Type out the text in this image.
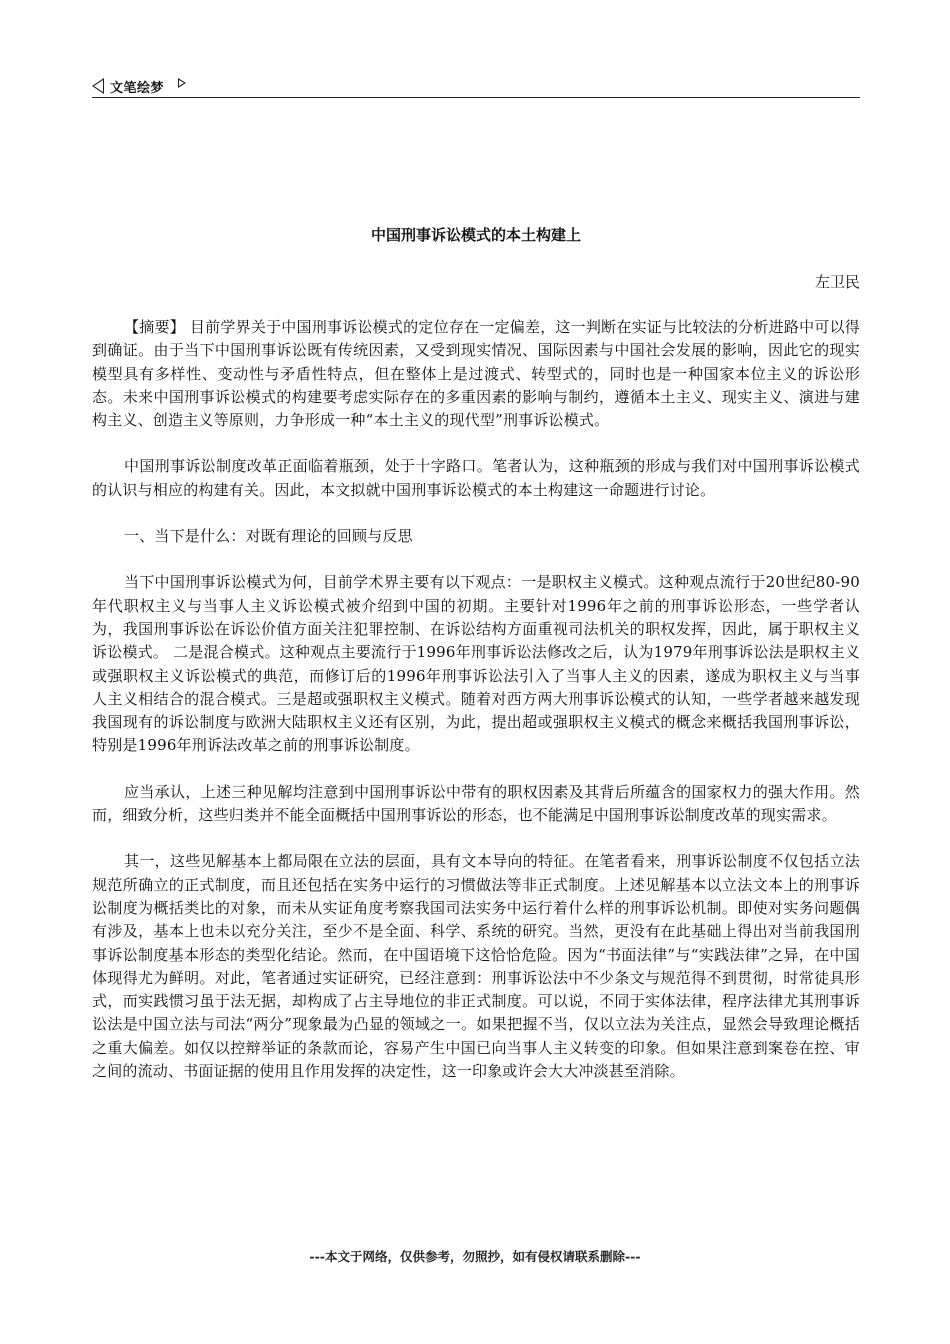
文笔绘梦
中国刑事诉讼模式的本土构建上
左卫民

【摘要】 目前学界关于中国刑事诉讼模式的定位存在一定偏差，这一判断在实证与比较法的分析进路中可以得到确证。由于当下中国刑事诉讼既有传统因素，又受到现实情况、国际因素与中国社会发展的影响，因此它的现实模型具有多样性、变动性与矛盾性特点，但在整体上是过渡式、转型式的，同时也是一种国家本位主义的诉讼形态。未来中国刑事诉讼模式的构建要考虑实际存在的多重因素的影响与制约，遵循本土主义、现实主义、演进与建构主义、创造主义等原则，力争形成一种“本土主义的现代型”刑事诉讼模式。

中国刑事诉讼制度改革正面临着瓶颈，处于十字路口。笔者认为，这种瓶颈的形成与我们对中国刑事诉讼模式的认识与相应的构建有关。因此，本文拟就中国刑事诉讼模式的本土构建这一命题进行讨论。

一、当下是什么：对既有理论的回顾与反思

当下中国刑事诉讼模式为何，目前学术界主要有以下观点：一是职权主义模式。这种观点流行于20世纪80-90年代职权主义与当事人主义诉讼模式被介绍到中国的初期。主要针对1996年之前的刑事诉讼形态，一些学者认为，我国刑事诉讼在诉讼价值方面关注犯罪控制、在诉讼结构方面重视司法机关的职权发挥，因此，属于职权主义诉讼模式。 二是混合模式。这种观点主要流行于1996年刑事诉讼法修改之后，认为1979年刑事诉讼法是职权主义或强职权主义诉讼模式的典范，而修订后的1996年刑事诉讼法引入了当事人主义的因素，遂成为职权主义与当事人主义相结合的混合模式。三是超或强职权主义模式。随着对西方两大刑事诉讼模式的认知，一些学者越来越发现我国现有的诉讼制度与欧洲大陆职权主义还有区别，为此，提出超或强职权主义模式的概念来概括我国刑事诉讼，特别是1996年刑诉法改革之前的刑事诉讼制度。

应当承认，上述三种见解均注意到中国刑事诉讼中带有的职权因素及其背后所蕴含的国家权力的强大作用。然而，细致分析，这些归类并不能全面概括中国刑事诉讼的形态，也不能满足中国刑事诉讼制度改革的现实需求。

其一，这些见解基本上都局限在立法的层面，具有文本导向的特征。在笔者看来，刑事诉讼制度不仅包括立法规范所确立的正式制度，而且还包括在实务中运行的习惯做法等非正式制度。上述见解基本以立法文本上的刑事诉讼制度为概括类比的对象，而未从实证角度考察我国司法实务中运行着什么样的刑事诉讼机制。即使对实务问题偶有涉及，基本上也未以充分关注，至少不是全面、科学、系统的研究。当然，更没有在此基础上得出对当前我国刑事诉讼制度基本形态的类型化结论。然而，在中国语境下这恰恰危险。因为“书面法律”与“实践法律”之异，在中国体现得尤为鲜明。对此，笔者通过实证研究，已经注意到：刑事诉讼法中不少条文与规范得不到贯彻，时常徒具形式，而实践惯习虽于法无据，却构成了占主导地位的非正式制度。可以说，不同于实体法律，程序法律尤其刑事诉讼法是中国立法与司法“两分”现象最为凸显的领域之一。如果把握不当，仅以立法为关注点，显然会导致理论概括之重大偏差。如仅以控辩举证的条款而论，容易产生中国已向当事人主义转变的印象。但如果注意到案卷在控、审之间的流动、书面证据的使用且作用发挥的决定性，这一印象或许会大大冲淡甚至消除。

---本文于网络，仅供参考，勿照抄，如有侵权请联系删除---
